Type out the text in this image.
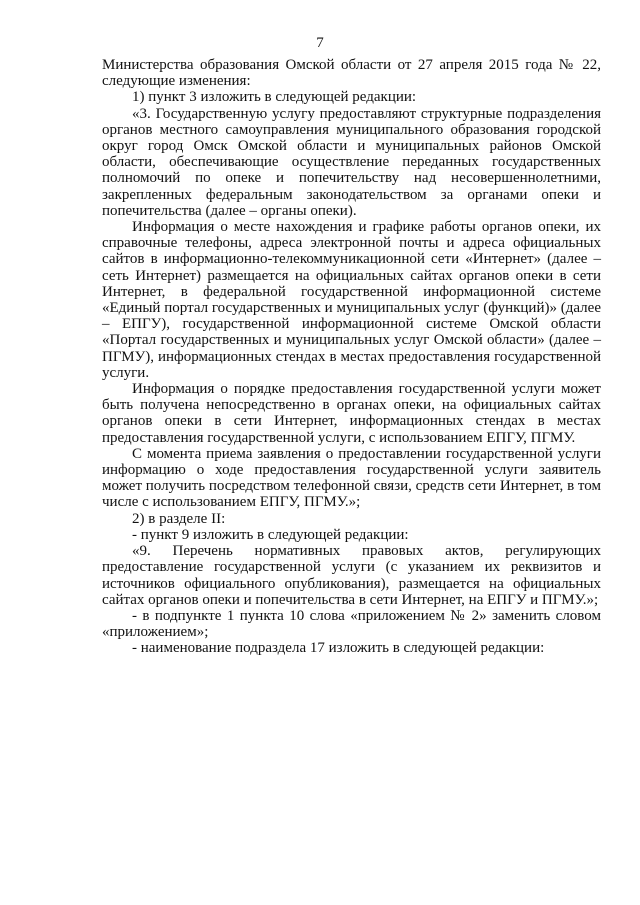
7

Министерства образования Омской области от 27 апреля 2015 года № 22, следующие изменения:

1) пункт 3 изложить в следующей редакции:

«3. Государственную услугу предоставляют структурные подразделения органов местного самоуправления муниципального образования городской округ город Омск Омской области и муниципальных районов Омской области, обеспечивающие осуществление переданных государственных полномочий по опеке и попечительству над несовершеннолетними, закрепленных федеральным законодательством за органами опеки и попечительства (далее – органы опеки).

Информация о месте нахождения и графике работы органов опеки, их справочные телефоны, адреса электронной почты и адреса официальных сайтов в информационно-телекоммуникационной сети «Интернет» (далее – сеть Интернет) размещается на официальных сайтах органов опеки в сети Интернет, в федеральной государственной информационной системе «Единый портал государственных и муниципальных услуг (функций)» (далее – ЕПГУ), государственной информационной системе Омской области «Портал государственных и муниципальных услуг Омской области» (далее – ПГМУ), информационных стендах в местах предоставления государственной услуги.

Информация о порядке предоставления государственной услуги может быть получена непосредственно в органах опеки, на официальных сайтах органов опеки в сети Интернет, информационных стендах в местах предоставления государственной услуги, с использованием ЕПГУ, ПГМУ.

С момента приема заявления о предоставлении государственной услуги информацию о ходе предоставления государственной услуги заявитель может получить посредством телефонной связи, средств сети Интернет, в том числе с использованием ЕПГУ, ПГМУ.»;

2) в разделе II:

- пункт 9 изложить в следующей редакции:

«9. Перечень нормативных правовых актов, регулирующих предоставление государственной услуги (с указанием их реквизитов и источников официального опубликования), размещается на официальных сайтах органов опеки и попечительства в сети Интернет, на ЕПГУ и ПГМУ.»;

- в подпункте 1 пункта 10 слова «приложением № 2» заменить словом «приложением»;

- наименование подраздела 17 изложить в следующей редакции:
